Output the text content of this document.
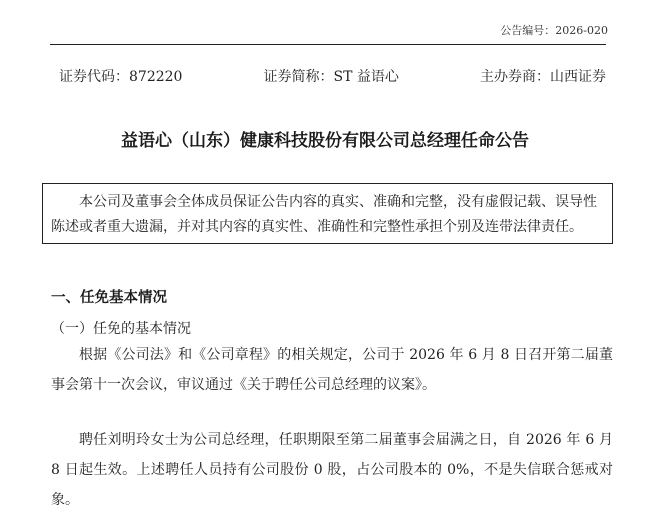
公告编号：2026-020
证券代码：872220	证券简称：ST 益语心	主办券商：山西证券
益语心（山东）健康科技股份有限公司总经理任命公告

本公司及董事会全体成员保证公告内容的真实、准确和完整，没有虚假记载、误导性陈述或者重大遗漏，并对其内容的真实性、准确性和完整性承担个别及连带法律责任。

一、任免基本情况
（一）任免的基本情况

根据《公司法》和《公司章程》的相关规定，公司于 2026 年 6 月 8 日召开第二届董事会第十一次会议，审议通过《关于聘任公司总经理的议案》。

聘任刘明玲女士为公司总经理，任职期限至第二届董事会届满之日，自 2026 年 6 月 8 日起生效。上述聘任人员持有公司股份 0 股，占公司股本的 0%，不是失信联合惩戒对象。
